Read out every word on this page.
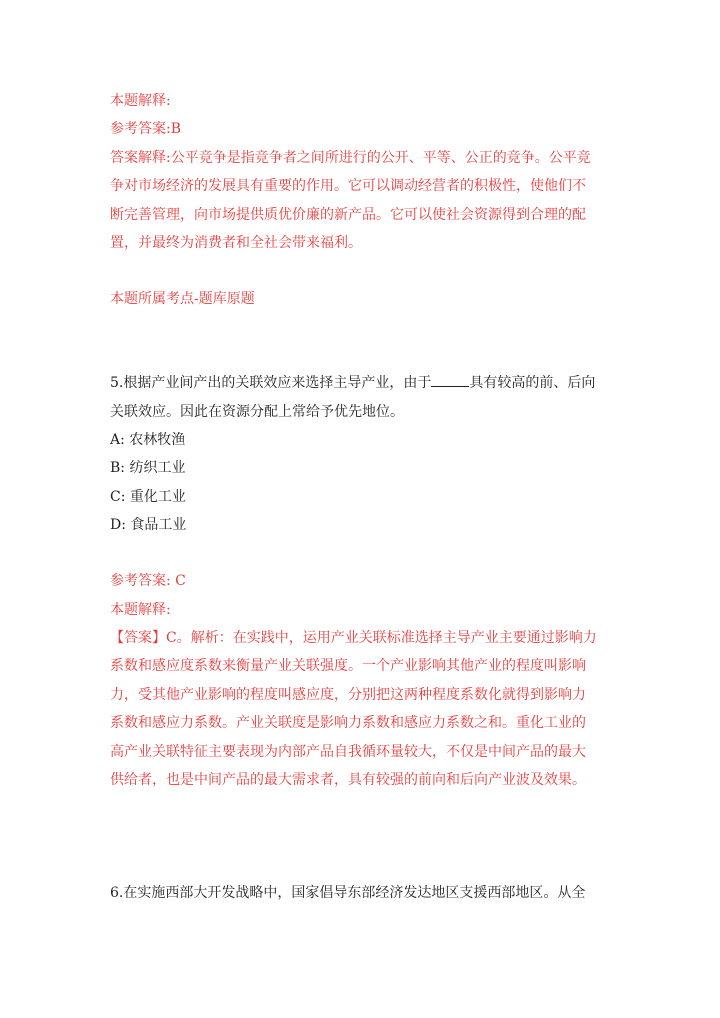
本题解释:
参考答案:B
答案解释:公平竞争是指竞争者之间所进行的公开、平等、公正的竞争。公平竞
争对市场经济的发展具有重要的作用。它可以调动经营者的积极性，使他们不
断完善管理，向市场提供质优价廉的新产品。它可以使社会资源得到合理的配
置，并最终为消费者和全社会带来福利。
本题所属考点-题库原题
5.根据产业间产出的关联效应来选择主导产业，由于	具有较高的前、后向
关联效应。因此在资源分配上常给予优先地位。
A: 农林牧渔
B: 纺织工业
C: 重化工业
D: 食品工业
参考答案: C
本题解释:
【答案】C。解析：在实践中，运用产业关联标准选择主导产业主要通过影响力
系数和感应度系数来衡量产业关联强度。一个产业影响其他产业的程度叫影响
力，受其他产业影响的程度叫感应度，分别把这两种程度系数化就得到影响力
系数和感应力系数。产业关联度是影响力系数和感应力系数之和。重化工业的
高产业关联特征主要表现为内部产品自我循环量较大，不仅是中间产品的最大
供给者，也是中间产品的最大需求者，具有较强的前向和后向产业波及效果。
6.在实施西部大开发战略中，国家倡导东部经济发达地区支援西部地区。从全
